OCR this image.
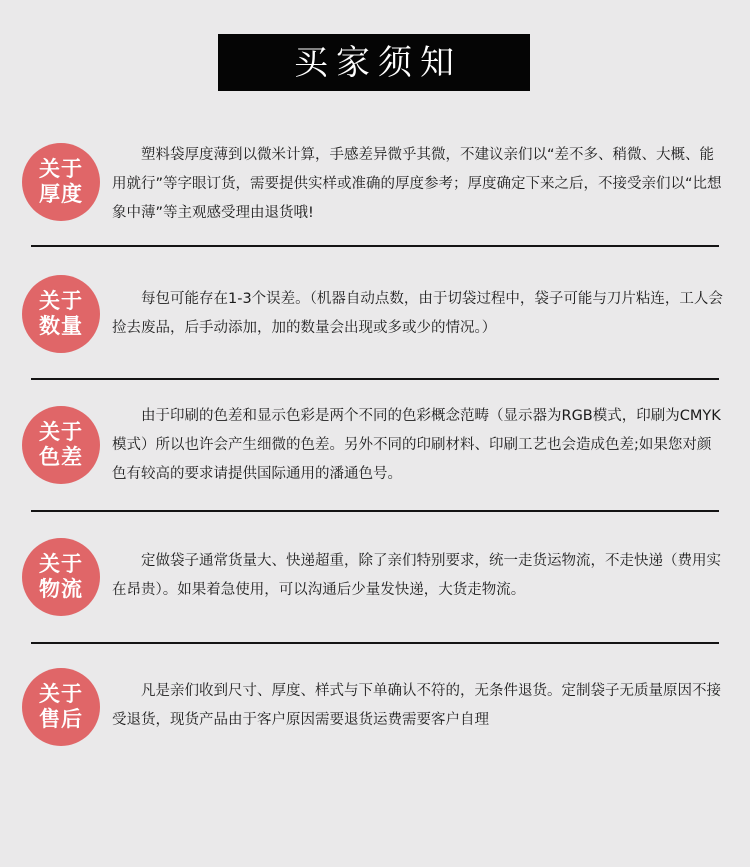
买家须知
关于
厚度

塑料袋厚度薄到以微米计算，手感差异微乎其微，不建议亲们以“差不多、稍微、大概、能用就行”等字眼订货，需要提供实样或准确的厚度参考；厚度确定下来之后，不接受亲们以“比想象中薄”等主观感受理由退货哦!

关于
数量

每包可能存在1-3个误差。（机器自动点数，由于切袋过程中，袋子可能与刀片粘连，工人会捡去废品，后手动添加，加的数量会出现或多或少的情况。）

关于
色差

由于印刷的色差和显示色彩是两个不同的色彩概念范畴（显示器为RGB模式，印刷为CMYK模式）所以也许会产生细微的色差。另外不同的印刷材料、印刷工艺也会造成色差;如果您对颜色有较高的要求请提供国际通用的潘通色号。

关于
物流

定做袋子通常货量大、快递超重，除了亲们特别要求，统一走货运物流，不走快递（费用实在昂贵）。如果着急使用，可以沟通后少量发快递，大货走物流。

关于
售后

凡是亲们收到尺寸、厚度、样式与下单确认不符的，无条件退货。定制袋子无质量原因不接受退货，现货产品由于客户原因需要退货运费需要客户自理
